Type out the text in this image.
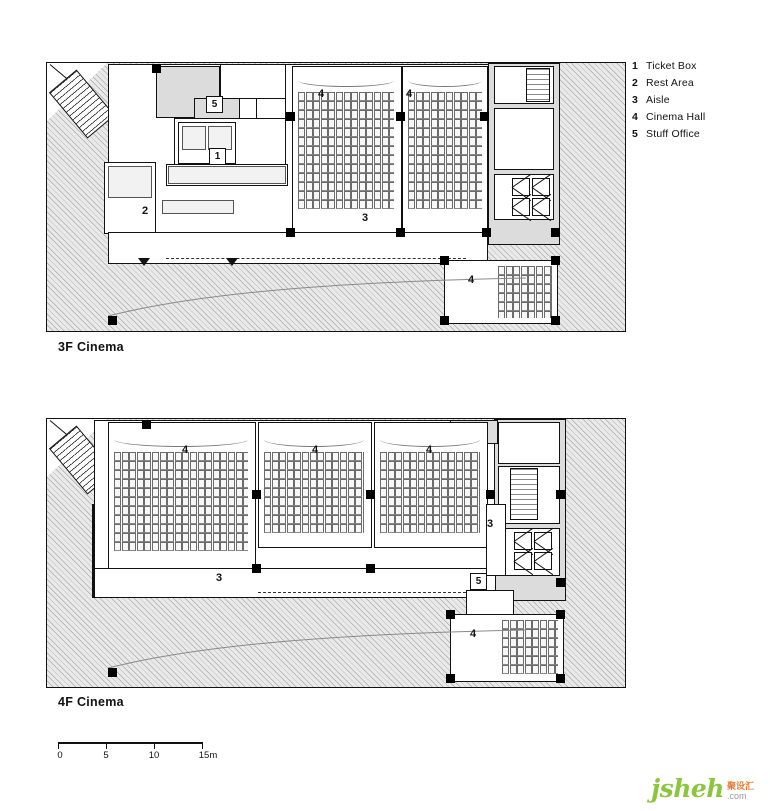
1 Ticket Box
2 Rest Area
3 Aisle
4 Cinema Hall
5 Stuff Office
4	4
4
3
2
1
5
3F Cinema
4	4	4
4
3
3
5
4F Cinema
0	5	10	15m
jsheh 聚设汇
.com
